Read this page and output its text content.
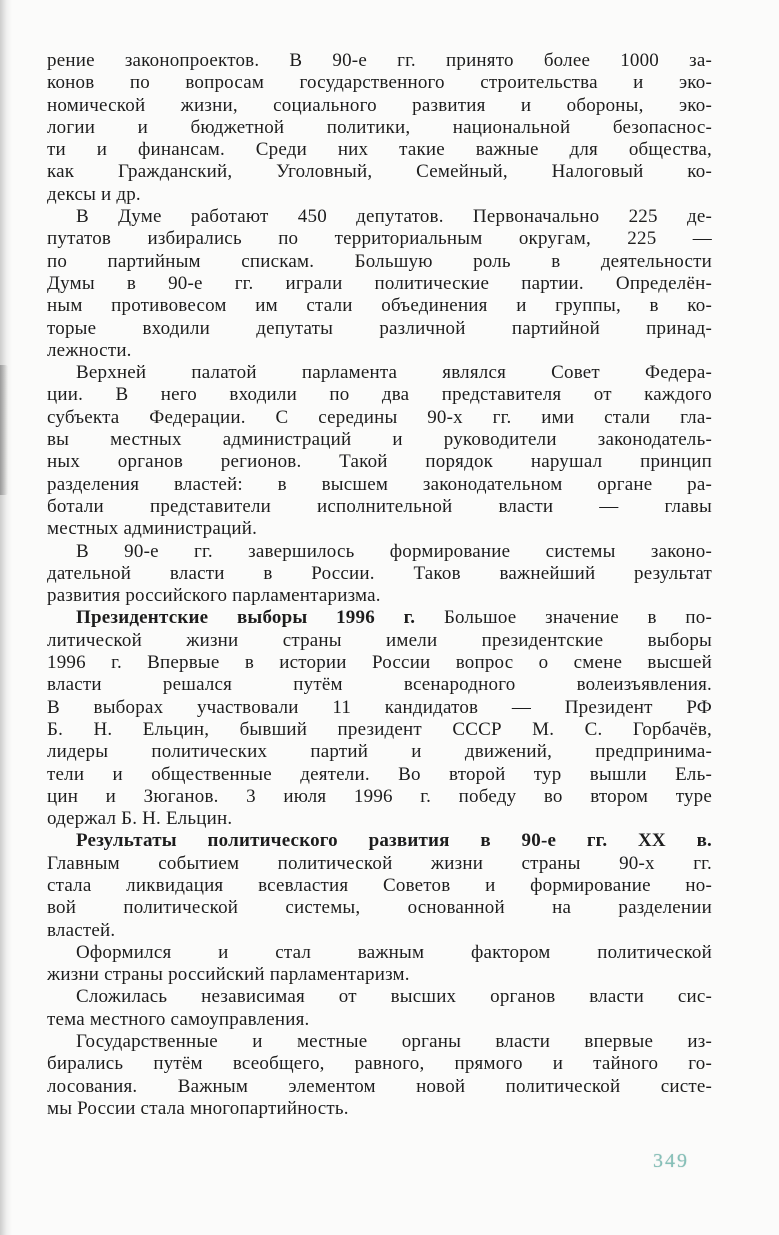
рение законопроектов. В 90-е гг. принято более 1000 за-
конов по вопросам государственного строительства и эко-
номической жизни, социального развития и обороны, эко-
логии и бюджетной политики, национальной безопаснос-
ти и финансам. Среди них такие важные для общества,
как Гражданский, Уголовный, Семейный, Налоговый ко-
дексы и др.
В Думе работают 450 депутатов. Первоначально 225 де-
путатов избирались по территориальным округам, 225 —
по партийным спискам. Большую роль в деятельности
Думы в 90-е гг. играли политические партии. Определён-
ным противовесом им стали объединения и группы, в ко-
торые входили депутаты различной партийной принад-
лежности.
Верхней палатой парламента являлся Совет Федера-
ции. В него входили по два представителя от каждого
субъекта Федерации. С середины 90-х гг. ими стали гла-
вы местных администраций и руководители законодатель-
ных органов регионов. Такой порядок нарушал принцип
разделения властей: в высшем законодательном органе ра-
ботали представители исполнительной власти — главы
местных администраций.
В 90-е гг. завершилось формирование системы законо-
дательной власти в России. Таков важнейший результат
развития российского парламентаризма.
Президентские выборы 1996 г. Большое значение в по-
литической жизни страны имели президентские выборы
1996 г. Впервые в истории России вопрос о смене высшей
власти решался путём всенародного волеизъявления.
В выборах участвовали 11 кандидатов — Президент РФ
Б. Н. Ельцин, бывший президент СССР М. С. Горбачёв,
лидеры политических партий и движений, предпринима-
тели и общественные деятели. Во второй тур вышли Ель-
цин и Зюганов. 3 июля 1996 г. победу во втором туре
одержал Б. Н. Ельцин.
Результаты политического развития в 90-е гг. XX в.
Главным событием политической жизни страны 90-х гг.
стала ликвидация всевластия Советов и формирование но-
вой политической системы, основанной на разделении
властей.
Оформился и стал важным фактором политической
жизни страны российский парламентаризм.
Сложилась независимая от высших органов власти сис-
тема местного самоуправления.
Государственные и местные органы власти впервые из-
бирались путём всеобщего, равного, прямого и тайного го-
лосования. Важным элементом новой политической систе-
мы России стала многопартийность.
349
